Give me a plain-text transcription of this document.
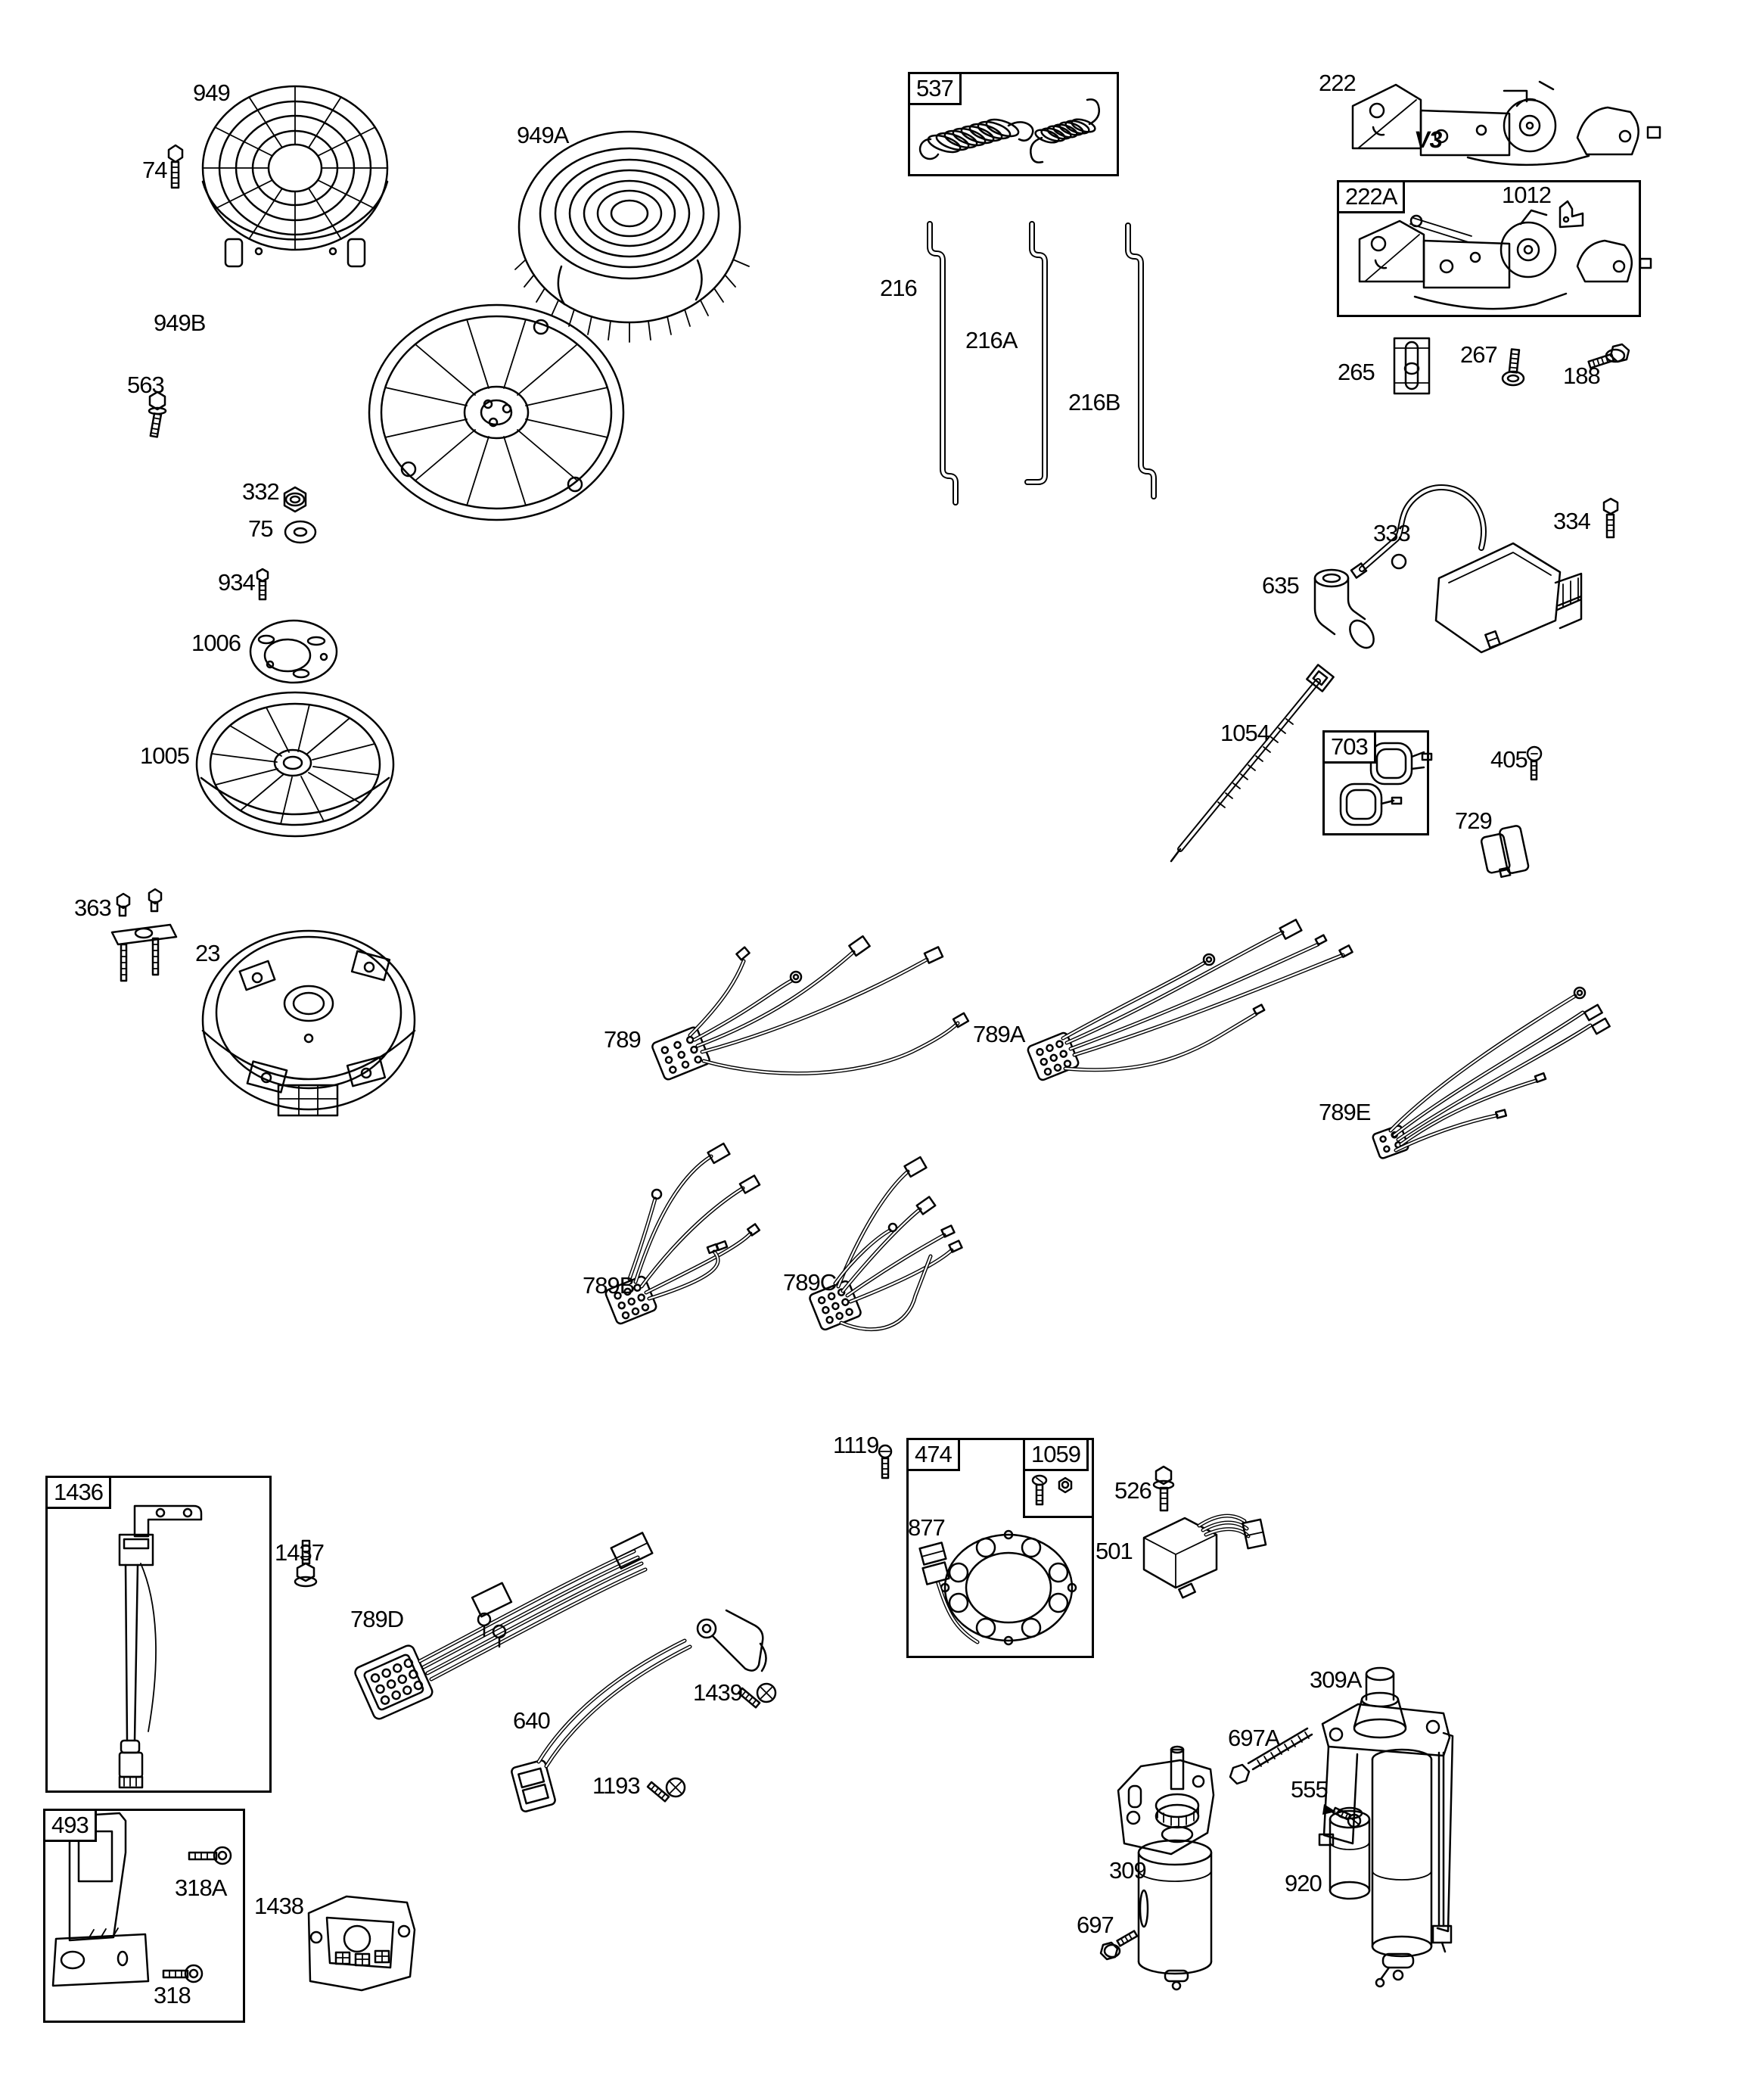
537
222A
703
1436
474	1059
493
949
74
949A
949B
563
332
75
934
1006
1005
363
23
216
216A
216B
222
V3
1012
265
267
188
333	334
635
1054
405
729
789	789A
789E
789B	789C
1119
877
526
501
1437
789D
640
1439
1193
318A
1438
318
309A
697A
555
309	920
697
